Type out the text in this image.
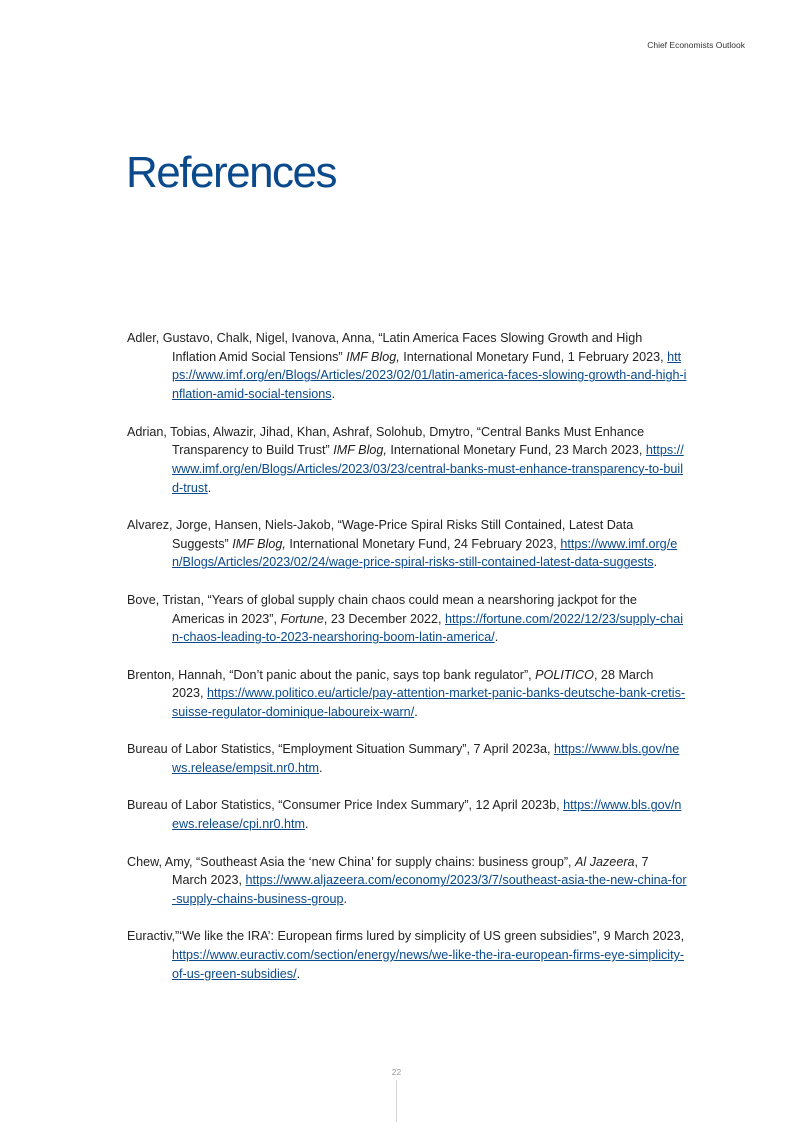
Chief Economists Outlook
References
Adler, Gustavo, Chalk, Nigel, Ivanova, Anna, “Latin America Faces Slowing Growth and High Inflation Amid Social Tensions” IMF Blog, International Monetary Fund, 1 February 2023, https://www.imf.org/en/Blogs/Articles/2023/02/01/latin-america-faces-slowing-growth-and-high-inflation-amid-social-tensions.
Adrian, Tobias, Alwazir, Jihad, Khan, Ashraf, Solohub, Dmytro, “Central Banks Must Enhance Transparency to Build Trust” IMF Blog, International Monetary Fund, 23 March 2023, https://www.imf.org/en/Blogs/Articles/2023/03/23/central-banks-must-enhance-transparency-to-build-trust.
Alvarez, Jorge, Hansen, Niels-Jakob, “Wage-Price Spiral Risks Still Contained, Latest Data Suggests” IMF Blog, International Monetary Fund, 24 February 2023, https://www.imf.org/en/Blogs/Articles/2023/02/24/wage-price-spiral-risks-still-contained-latest-data-suggests.
Bove, Tristan, “Years of global supply chain chaos could mean a nearshoring jackpot for the Americas in 2023”, Fortune, 23 December 2022, https://fortune.com/2022/12/23/supply-chain-chaos-leading-to-2023-nearshoring-boom-latin-america/.
Brenton, Hannah, “Don’t panic about the panic, says top bank regulator”, POLITICO, 28 March 2023, https://www.politico.eu/article/pay-attention-market-panic-banks-deutsche-bank-cretis-suisse-regulator-dominique-laboureix-warn/.
Bureau of Labor Statistics, “Employment Situation Summary”, 7 April 2023a, https://www.bls.gov/news.release/empsit.nr0.htm.
Bureau of Labor Statistics, “Consumer Price Index Summary”, 12 April 2023b, https://www.bls.gov/news.release/cpi.nr0.htm.
Chew, Amy, “Southeast Asia the ‘new China’ for supply chains: business group”, Al Jazeera, 7 March 2023, https://www.aljazeera.com/economy/2023/3/7/southeast-asia-the-new-china-for-supply-chains-business-group.
Euractiv,”‘We like the IRA’: European firms lured by simplicity of US green subsidies”, 9 March 2023, https://www.euractiv.com/section/energy/news/we-like-the-ira-european-firms-eye-simplicity-of-us-green-subsidies/.
22
